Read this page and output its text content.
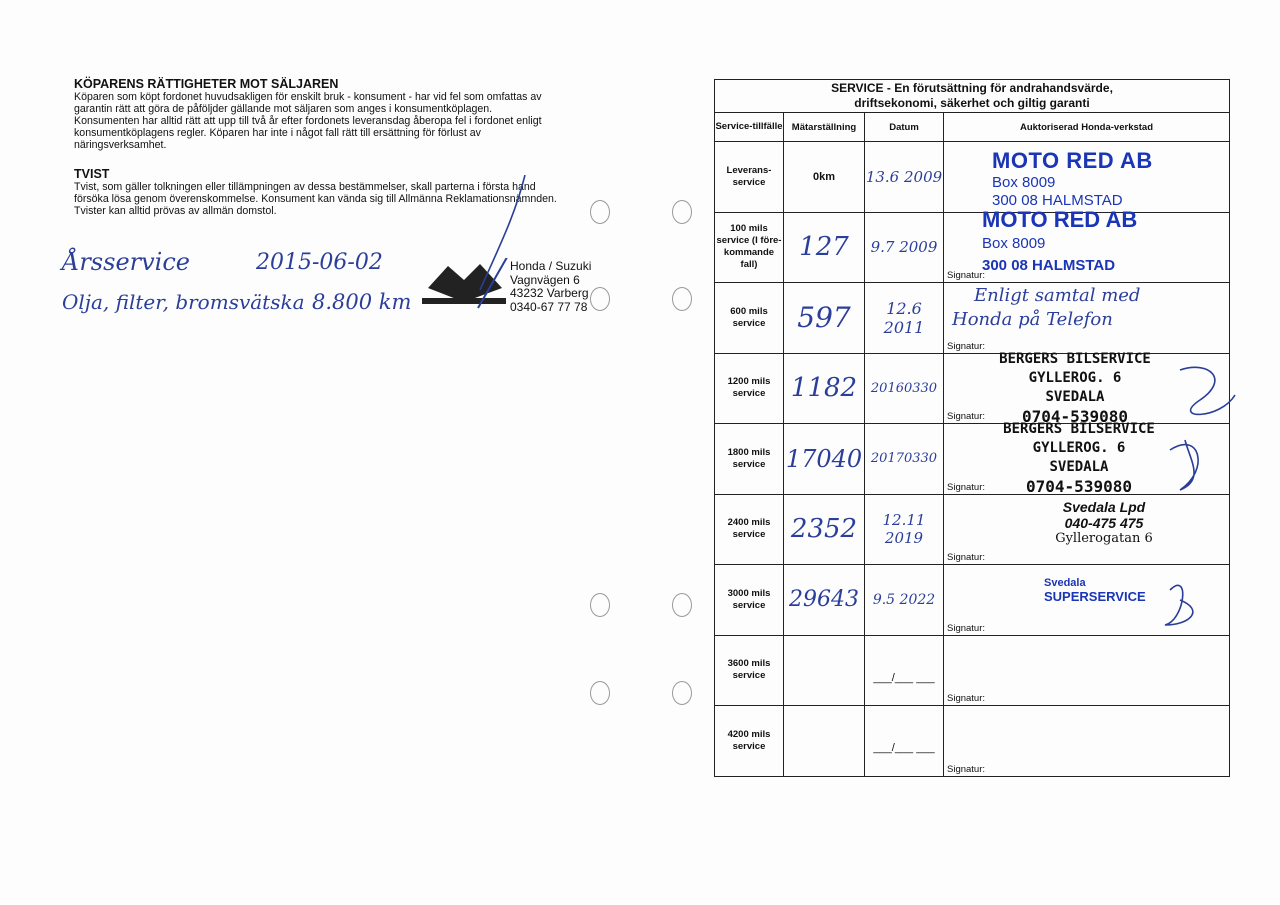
KÖPARENS RÄTTIGHETER MOT SÄLJAREN
Köparen som köpt fordonet huvudsakligen för enskilt bruk - konsument - har vid fel som omfattas av
garantin rätt att göra de påföljder gällande mot säljaren som anges i konsumentköplagen.
Konsumenten har alltid rätt att upp till två år efter fordonets leveransdag åberopa fel i fordonet enligt
konsumentköplagens regler. Köparen har inte i något fall rätt till ersättning för förlust av
näringsverksamhet.
TVIST
Tvist, som gäller tolkningen eller tillämpningen av dessa bestämmelser, skall parterna i första hand
försöka lösa genom överenskommelse. Konsument kan vända sig till Allmänna Reklamationsnämnden.
Tvister kan alltid prövas av allmän domstol.
Årsservice	2015-06-02
Olja, filter, bromsvätska 8.800 km
Honda / Suzuki
Vagnvägen 6
43232 Varberg
0340-67 77 78
SERVICE - En förutsättning för andrahandsvärde,
driftsekonomi, säkerhet och giltig garanti			

Service-tillfälle	Mätarställning	Datum	Auktoriserad Honda-verkstad
Leverans-service	0km	13.6 2009	MOTO RED AB
Box 8009
300 08 HALMSTAD

100 mils service (I före-kommande fall)	127	9.7 2009	MOTO RED AB
Box 8009
300 08 HALMSTAD
Signatur:

600 mils service	597	12.6 2011	Enligt samtal med
Honda på Telefon
Signatur:

1200 mils service	1182	20160330	BERGERS BILSERVICE
GYLLEROG. 6
SVEDALA
0704-539080
Signatur:

1800 mils service	17040	20170330	BERGERS BILSERVICE
GYLLEROG. 6
SVEDALA
0704-539080
Signatur:

2400 mils service	2352	12.11 2019	Svedala Lpd
040-475 475
Gyllerogatan 6
Signatur:

3000 mils service	29643	9.5 2022	Svedala
SUPERSERVICE
Signatur:

3600 mils service		___/___ ___	Signatur:

4200 mils service		___/___ ___	Signatur:
